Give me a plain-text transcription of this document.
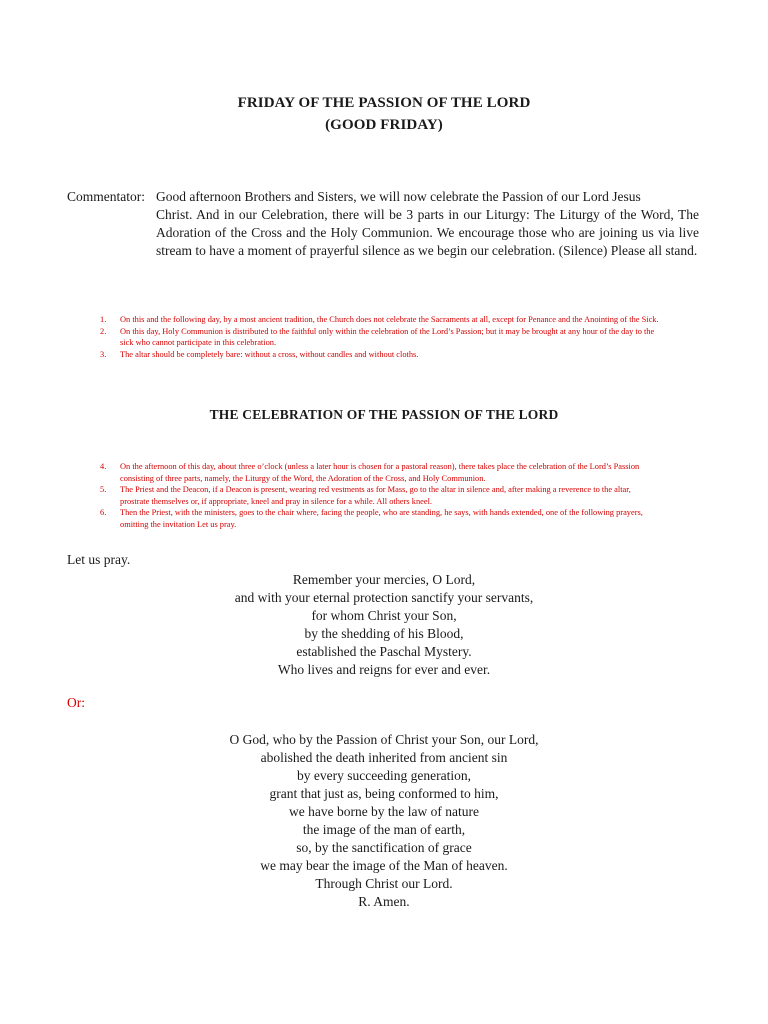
FRIDAY OF THE PASSION OF THE LORD
(GOOD FRIDAY)
Commentator: Good afternoon Brothers and Sisters, we will now celebrate the Passion of our Lord Jesus
Christ. And in our Celebration, there will be 3 parts in our Liturgy: The Liturgy of the Word, The Adoration of the Cross and the Holy Communion. We encourage those who are joining us via live stream to have a moment of prayerful silence as we begin our celebration. (Silence) Please all stand.
1. On this and the following day, by a most ancient tradition, the Church does not celebrate the Sacraments at all, except for Penance and the Anointing of the Sick.
2. On this day, Holy Communion is distributed to the faithful only within the celebration of the Lord’s Passion; but it may be brought at any hour of the day to the sick who cannot participate in this celebration.
3. The altar should be completely bare: without a cross, without candles and without cloths.
THE CELEBRATION OF THE PASSION OF THE LORD
4. On the afternoon of this day, about three o’clock (unless a later hour is chosen for a pastoral reason), there takes place the celebration of the Lord’s Passion consisting of three parts, namely, the Liturgy of the Word, the Adoration of the Cross, and Holy Communion.
5. The Priest and the Deacon, if a Deacon is present, wearing red vestments as for Mass, go to the altar in silence and, after making a reverence to the altar, prostrate themselves or, if appropriate, kneel and pray in silence for a while. All others kneel.
6. Then the Priest, with the ministers, goes to the chair where, facing the people, who are standing, he says, with hands extended, one of the following prayers, omitting the invitation Let us pray.
Let us pray.
Remember your mercies, O Lord,
and with your eternal protection sanctify your servants,
for whom Christ your Son,
by the shedding of his Blood,
established the Paschal Mystery.
Who lives and reigns for ever and ever.
Or:
O God, who by the Passion of Christ your Son, our Lord,
abolished the death inherited from ancient sin
by every succeeding generation,
grant that just as, being conformed to him,
we have borne by the law of nature
the image of the man of earth,
so, by the sanctification of grace
we may bear the image of the Man of heaven.
Through Christ our Lord.
R. Amen.
